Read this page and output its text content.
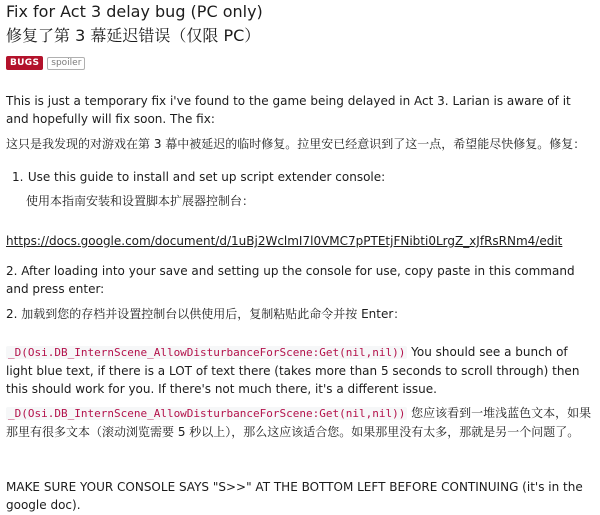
Fix for Act 3 delay bug (PC only)
修复了第 3 幕延迟错误（仅限 PC）
BUGS	spoiler

This is just a temporary fix i've found to the game being delayed in Act 3. Larian is aware of it and hopefully will fix soon. The fix:

这只是我发现的对游戏在第 3 幕中被延迟的临时修复。拉里安已经意识到了这一点，希望能尽快修复。修复：

1. Use this guide to install and set up script extender console:

使用本指南安装和设置脚本扩展器控制台：

https://docs.google.com/document/d/1uBj2WclmI7l0VMC7pPTEtjFNibti0LrgZ_xJfRsRNm4/edit

2. After loading into your save and setting up the console for use, copy paste in this command and press enter:

2. 加载到您的存档并设置控制台以供使用后，复制粘贴此命令并按 Enter：

_D(Osi.DB_InternScene_AllowDisturbanceForScene:Get(nil,nil)) You should see a bunch of light blue text, if there is a LOT of text there (takes more than 5 seconds to scroll through) then this should work for you. If there's not much there, it's a different issue.

_D(Osi.DB_InternScene_AllowDisturbanceForScene:Get(nil,nil)) 您应该看到一堆浅蓝色文本，如果那里有很多文本（滚动浏览需要 5 秒以上），那么这应该适合您。如果那里没有太多，那就是另一个问题了。

MAKE SURE YOUR CONSOLE SAYS "S>>" AT THE BOTTOM LEFT BEFORE CONTINUING (it's in the google doc).
